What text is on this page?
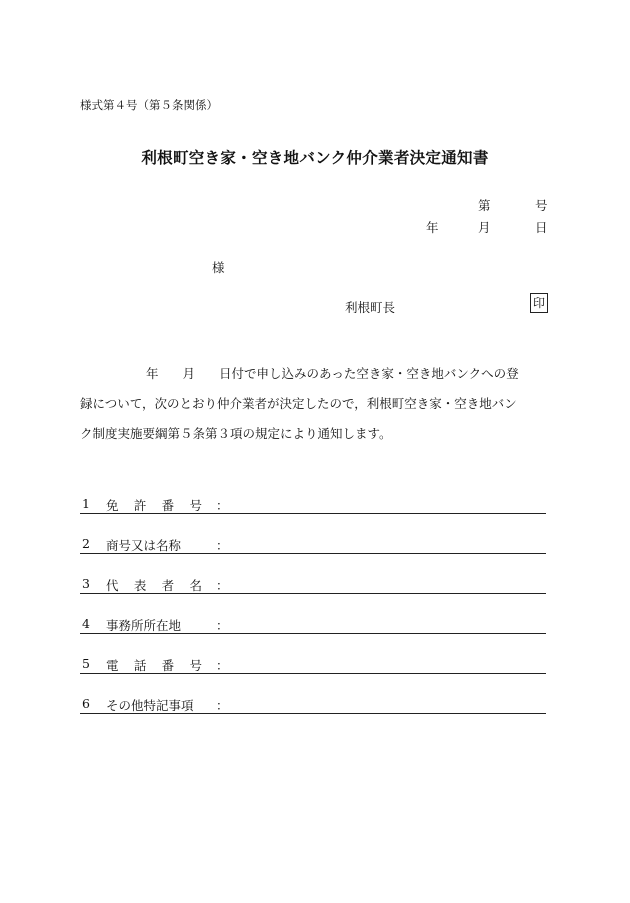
様式第４号（第５条関係）
利根町空き家・空き地バンク仲介業者決定通知書
第	号
年	月	日
様
利根町長	印
年 月 日付で申し込みのあった空き家・空き地バンクへの登
録について，次のとおり仲介業者が決定したので，利根町空き家・空き地バン
ク制度実施要綱第５条第３項の規定により通知します。
1 免 許 番 号 ：
2 商号又は名称	：
3 代 表 者 名 ：
4 事務所所在地	：
5 電 話 番 号 ：
6 その他特記事項	：
